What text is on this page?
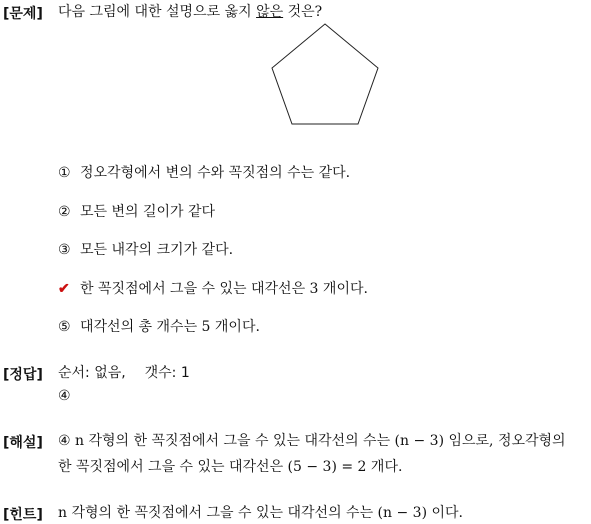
[문제] 다음 그림에 대한 설명으로 옳지 않은 것은?
① 정오각형에서 변의 수와 꼭짓점의 수는 같다.
② 모든 변의 길이가 같다
③ 모든 내각의 크기가 같다.
✔ 한 꼭짓점에서 그을 수 있는 대각선은 3 개이다.
⑤ 대각선의 총 개수는 5 개이다.
[정답] 순서: 없음, 갯수: 1
④
[해설] ④ n 각형의 한 꼭짓점에서 그을 수 있는 대각선의 수는 (n − 3) 임으로, 정오각형의
한 꼭짓점에서 그을 수 있는 대각선은 (5 − 3) = 2 개다.
[힌트] n 각형의 한 꼭짓점에서 그을 수 있는 대각선의 수는 (n − 3) 이다.
